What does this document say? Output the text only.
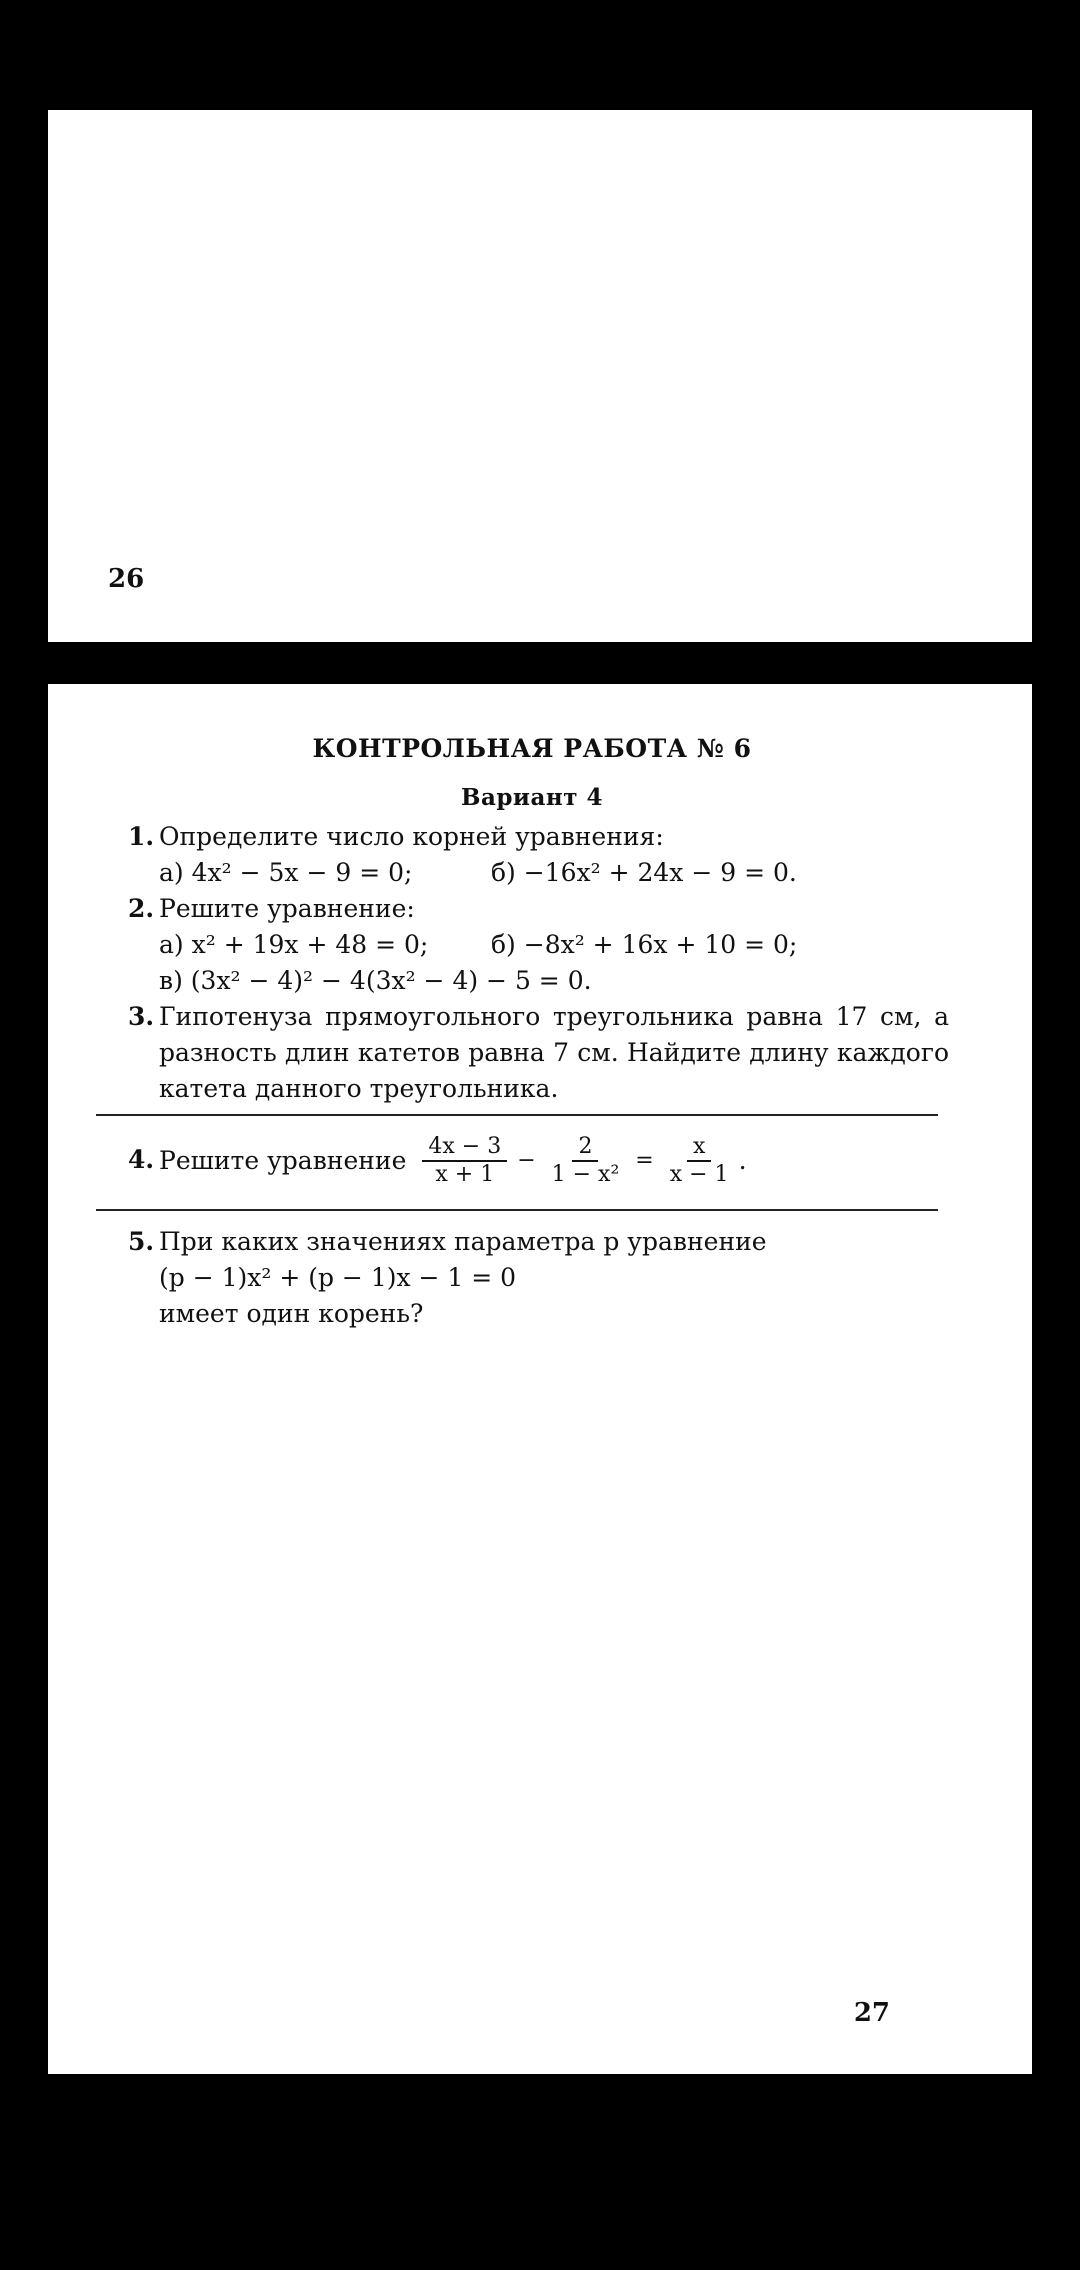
26
КОНТРОЛЬНАЯ РАБОТА № 6
Вариант 4
1. Определите число корней уравнения:
а) 4x² − 5x − 9 = 0;	б) −16x² + 24x − 9 = 0.
2. Решите уравнение:
а) x² + 19x + 48 = 0;	б) −8x² + 16x + 10 = 0;
в)
(3x² − 4)² − 4(3x² − 4) − 5 = 0.
3. Гипотенуза прямоугольного треугольника равна 17 см, а разность длин катетов равна 7 см. Найдите длину каждого катета данного треугольника.
4. Решите уравнение $\frac{4x - 3}{x + 1} - \frac{2}{\text{1 − x²}} = \frac{x}{x - 1}$ .
5. При каких значениях параметра p уравнение
(p − 1)x² + (p − 1)x − 1 = 0
имеет один корень?
27
